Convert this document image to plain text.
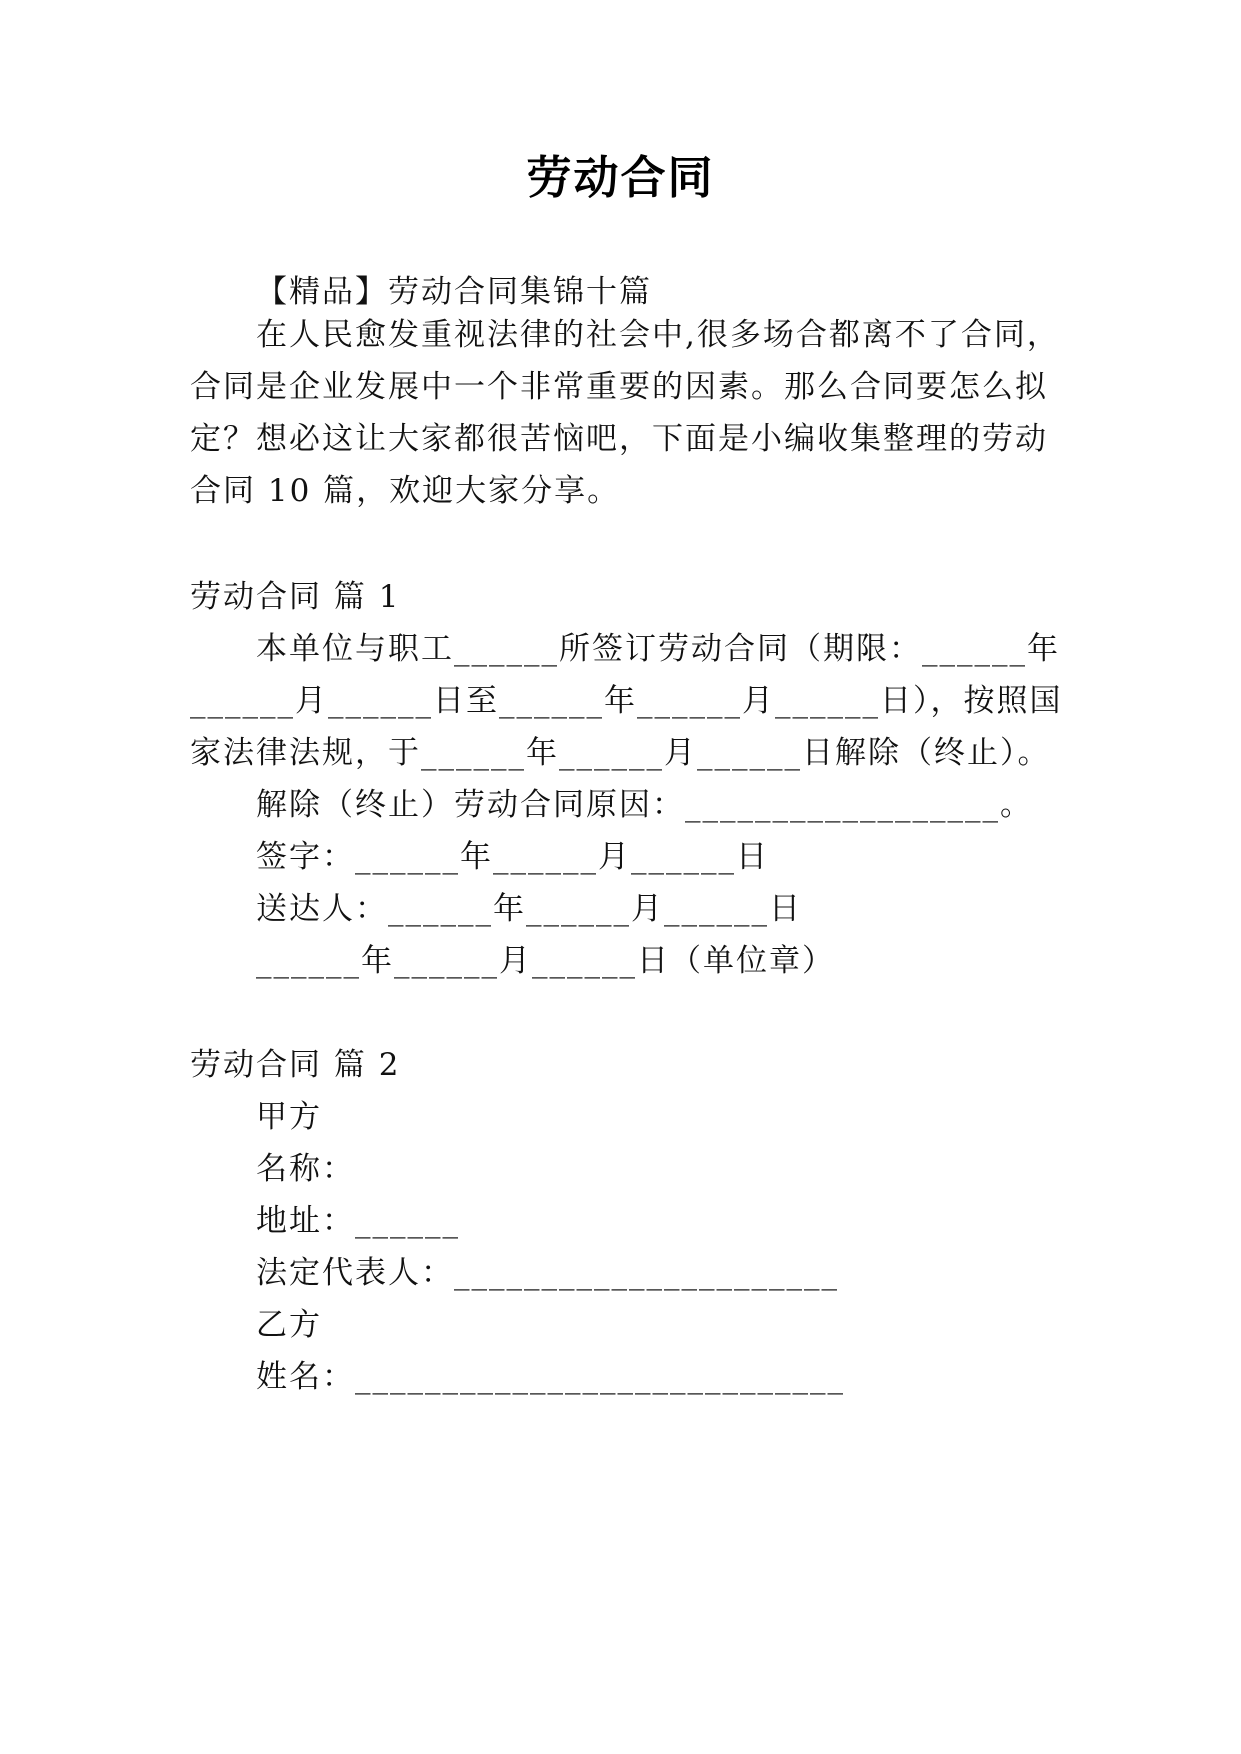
劳动合同
【精品】劳动合同集锦十篇
在人民愈发重视法律的社会中,很多场合都离不了合同，
合同是企业发展中一个非常重要的因素。那么合同要怎么拟
定？想必这让大家都很苦恼吧，下面是小编收集整理的劳动
合同 10 篇，欢迎大家分享。
劳动合同 篇 1
本单位与职工______所签订劳动合同（期限：______年
______月______日至______年______月______日），按照国
家法律法规，于______年______月______日解除（终止）。
解除（终止）劳动合同原因：__________________。
签字：______年______月______日
送达人：______年______月______日
______年______月______日（单位章）
劳动合同 篇 2
甲方
名称：
地址：______
法定代表人：______________________
乙方
姓名：____________________________
